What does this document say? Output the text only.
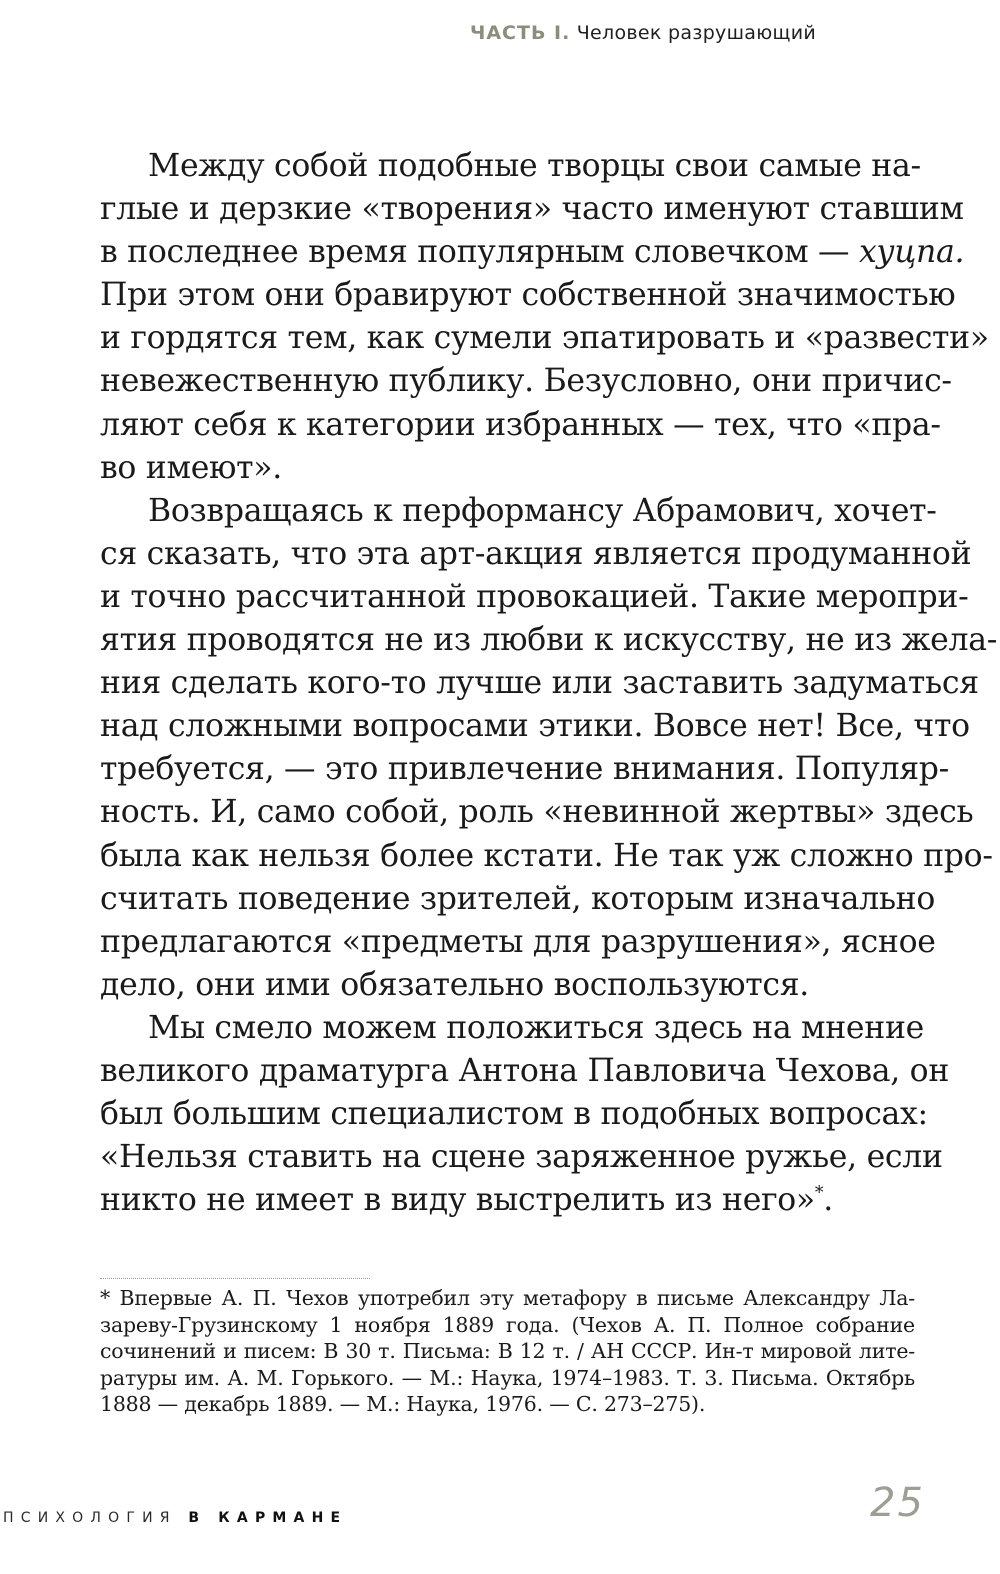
ЧАСТЬ I. Человек разрушающий
Между собой подобные творцы свои самые на-
глые и дерзкие «творения» часто именуют ставшим
в последнее время популярным словечком — хуцпа.
При этом они бравируют собственной значимостью
и гордятся тем, как сумели эпатировать и «развести»
невежественную публику. Безусловно, они причис-
ляют себя к категории избранных — тех, что «пра-
во имеют».
Возвращаясь к перформансу Абрамович, хочет-
ся сказать, что эта арт-акция является продуманной
и точно рассчитанной провокацией. Такие меропри-
ятия проводятся не из любви к искусству, не из жела-
ния сделать кого-то лучше или заставить задуматься
над сложными вопросами этики. Вовсе нет! Все, что
требуется, — это привлечение внимания. Популяр-
ность. И, само собой, роль «невинной жертвы» здесь
была как нельзя более кстати. Не так уж сложно про-
считать поведение зрителей, которым изначально
предлагаются «предметы для разрушения», ясное
дело, они ими обязательно воспользуются.
Мы смело можем положиться здесь на мнение
великого драматурга Антона Павловича Чехова, он
был большим специалистом в подобных вопросах:
«Нельзя ставить на сцене заряженное ружье, если
никто не имеет в виду выстрелить из него»*.
* Впервые А. П. Чехов употребил эту метафору в письме Александру Ла-
зареву-Грузинскому 1 ноября 1889 года. (Чехов А. П. Полное собрание
сочинений и писем: В 30 т. Письма: В 12 т. / АН СССР. Ин-т мировой лите-
ратуры им. А. М. Горького. — М.: Наука, 1974–1983. Т. 3. Письма. Октябрь
1888 — декабрь 1889. — М.: Наука, 1976. — С. 273–275).
ПСИХОЛОГИЯ В КАРМАНЕ	25
